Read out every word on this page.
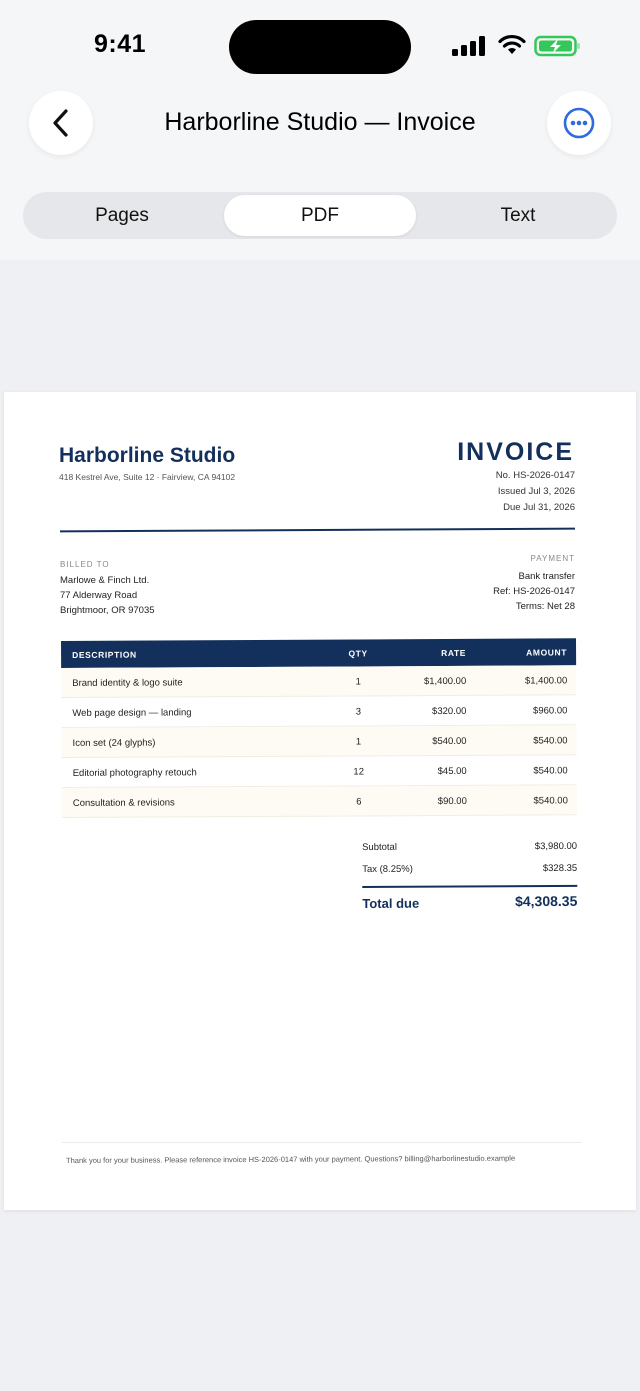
9:41
Harborline Studio — Invoice
Pages	PDF	Text
Harborline Studio
418 Kestrel Ave, Suite 12 · Fairview, CA 94102
INVOICE
No. HS-2026-0147
Issued Jul 3, 2026
Due Jul 31, 2026
BILLED TO
Marlowe & Finch Ltd.
77 Alderway Road
Brightmoor, OR 97035
PAYMENT
Bank transfer
Ref: HS-2026-0147
Terms: Net 28
DESCRIPTION	QTY	RATE	AMOUNT
Brand identity & logo suite	1	$1,400.00	$1,400.00
Web page design — landing	3	$320.00	$960.00
Icon set (24 glyphs)	1	$540.00	$540.00
Editorial photography retouch	12	$45.00	$540.00
Consultation & revisions	6	$90.00	$540.00
Subtotal	$3,980.00
Tax (8.25%)	$328.35
Total due	$4,308.35
Thank you for your business. Please reference invoice HS-2026-0147 with your payment. Questions? billing@harborlinestudio.example
